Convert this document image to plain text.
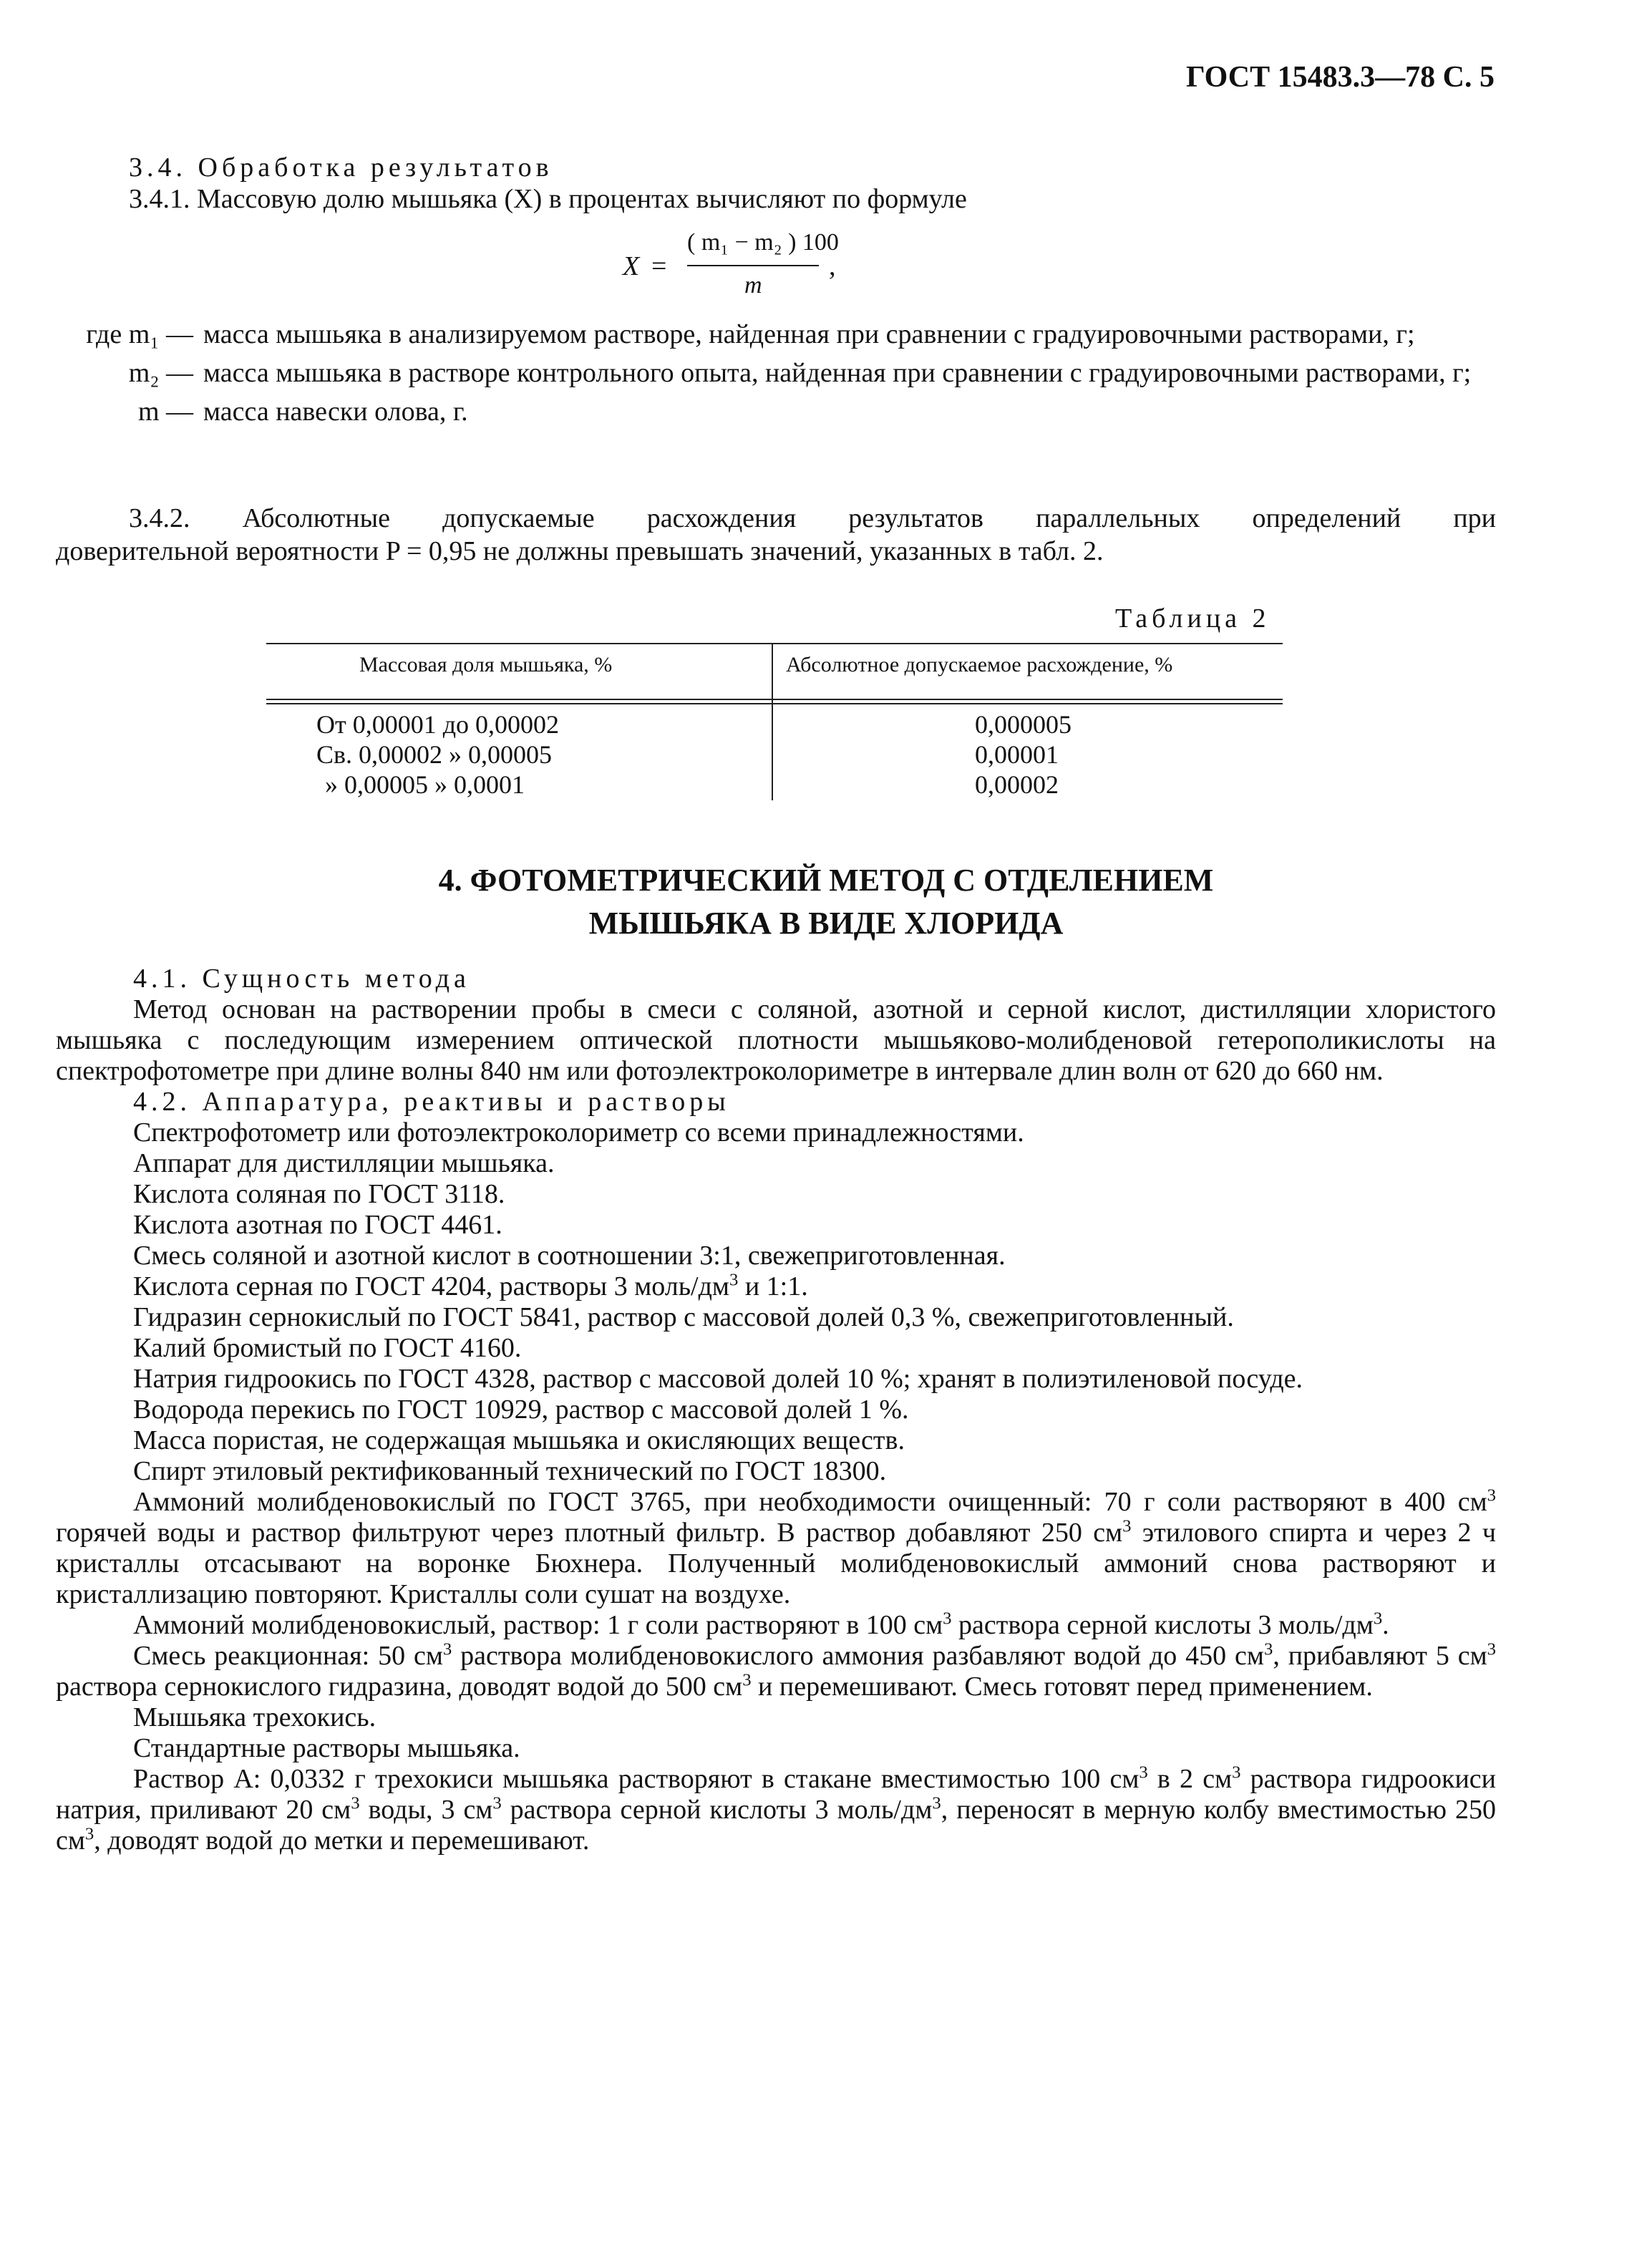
ГОСТ 15483.3—78 С. 5
3.4. Обработка результатов
3.4.1. Массовую долю мышьяка (X) в процентах вычисляют по формуле
X =
( m₁ − m₂ ) 100
m
,
где m₁ — масса мышьяка в анализируемом растворе, найденная при сравнении с градуировочными растворами, г;
m₂ — масса мышьяка в растворе контрольного опыта, найденная при сравнении с градуировочными растворами, г;
m — масса навески олова, г.
3.4.2. Абсолютные допускаемые расхождения результатов параллельных определений при
доверительной вероятности P = 0,95 не должны превышать значений, указанных в табл. 2.
Таблица 2
Массовая доля мышьяка, %	Абсолютное допускаемое расхождение, %
От 0,00001 до 0,00002	0,000005
Св. 0,00002 » 0,00005	0,00001
» 0,00005 » 0,0001	0,00002
4. ФОТОМЕТРИЧЕСКИЙ МЕТОД С ОТДЕЛЕНИЕМ
МЫШЬЯКА В ВИДЕ ХЛОРИДА

4.1. Сущность метода

Метод основан на растворении пробы в смеси с соляной, азотной и серной кислот, дистилляции хлористого мышьяка с последующим измерением оптической плотности мышьяково-молибденовой гетерополикислоты на спектрофотометре при длине волны 840 нм или фотоэлектроколориметре в интервале длин волн от 620 до 660 нм.

4.2. Аппаратура, реактивы и растворы

Спектрофотометр или фотоэлектроколориметр со всеми принадлежностями.

Аппарат для дистилляции мышьяка.

Кислота соляная по ГОСТ 3118.

Кислота азотная по ГОСТ 4461.

Смесь соляной и азотной кислот в соотношении 3:1, свежеприготовленная.

Кислота серная по ГОСТ 4204, растворы 3 моль/$дм^3$ и 1:1.

Гидразин сернокислый по ГОСТ 5841, раствор с массовой долей 0,3 %, свежеприготовленный.

Калий бромистый по ГОСТ 4160.

Натрия гидроокись по ГОСТ 4328, раствор с массовой долей 10 %; хранят в полиэтиленовой посуде.

Водорода перекись по ГОСТ 10929, раствор с массовой долей 1 %.

Масса пористая, не содержащая мышьяка и окисляющих веществ.

Спирт этиловый ректификованный технический по ГОСТ 18300.

Аммоний молибденовокислый по ГОСТ 3765, при необходимости очищенный: 70 г соли растворяют в 400 $см^3$ горячей воды и раствор фильтруют через плотный фильтр. В раствор добавляют 250 $см^3$ этилового спирта и через 2 ч кристаллы отсасывают на воронке Бюхнера. Полученный молибденовокислый аммоний снова растворяют и кристаллизацию повторяют. Кристаллы соли сушат на воздухе.

Аммоний молибденовокислый, раствор: 1 г соли растворяют в 100 $см^3$ раствора серной кислоты 3 моль/$дм^3$.

Смесь реакционная: 50 $см^3$ раствора молибденовокислого аммония разбавляют водой до 450 $см^3$, прибавляют 5 $см^3$ раствора сернокислого гидразина, доводят водой до 500 $см^3$ и перемешивают. Смесь готовят перед применением.

Мышьяка трехокись.

Стандартные растворы мышьяка.

Раствор А: 0,0332 г трехокиси мышьяка растворяют в стакане вместимостью 100 $см^3$ в 2 $см^3$ раствора гидроокиси натрия, приливают 20 $см^3$ воды, 3 $см^3$ раствора серной кислоты 3 моль/$дм^3$, переносят в мерную колбу вместимостью 250 $см^3$, доводят водой до метки и перемешивают.
